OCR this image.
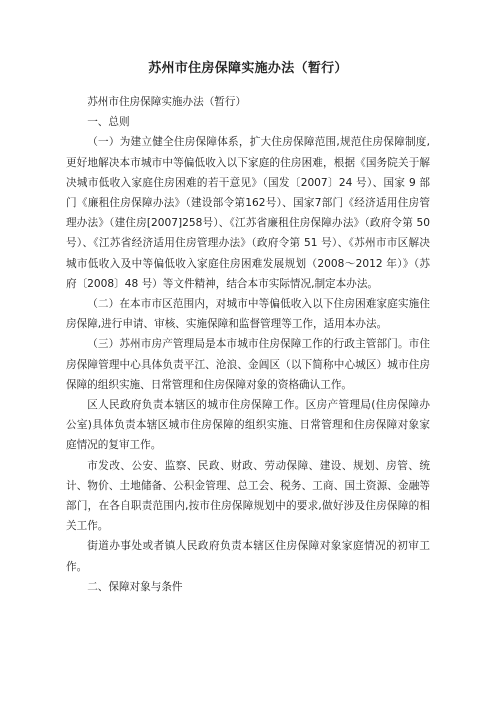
苏州市住房保障实施办法（暂行）

苏州市住房保障实施办法（暂行）

一、总则

（一）为建立健全住房保障体系，扩大住房保障范围,规范住房保障制度,更好地解决本市城市中等偏低收入以下家庭的住房困难，根据《国务院关于解决城市低收入家庭住房困难的若干意见》（国发〔2007〕24 号）、国家 9 部门《廉租住房保障办法》（建设部令第162号）、国家7部门《经济适用住房管理办法》（建住房[2007]258号）、《江苏省廉租住房保障办法》（政府令第 50 号）、《江苏省经济适用住房管理办法》（政府令第 51 号）、《苏州市市区解决城市低收入及中等偏低收入家庭住房困难发展规划（2008～2012 年）》（苏府〔2008〕48 号）等文件精神，结合本市实际情况,制定本办法。

（二）在本市市区范围内，对城市中等偏低收入以下住房困难家庭实施住房保障,进行申请、审核、实施保障和监督管理等工作，适用本办法。

（三）苏州市房产管理局是本市城市住房保障工作的行政主管部门。市住房保障管理中心具体负责平江、沧浪、金阊区（以下简称中心城区）城市住房保障的组织实施、日常管理和住房保障对象的资格确认工作。

区人民政府负责本辖区的城市住房保障工作。区房产管理局(住房保障办公室)具体负责本辖区城市住房保障的组织实施、日常管理和住房保障对象家庭情况的复审工作。

市发改、公安、监察、民政、财政、劳动保障、建设、规划、房管、统计、物价、土地储备、公积金管理、总工会、税务、工商、国土资源、金融等部门，在各自职责范围内,按市住房保障规划中的要求,做好涉及住房保障的相关工作。

街道办事处或者镇人民政府负责本辖区住房保障对象家庭情况的初审工作。

二、保障对象与条件
